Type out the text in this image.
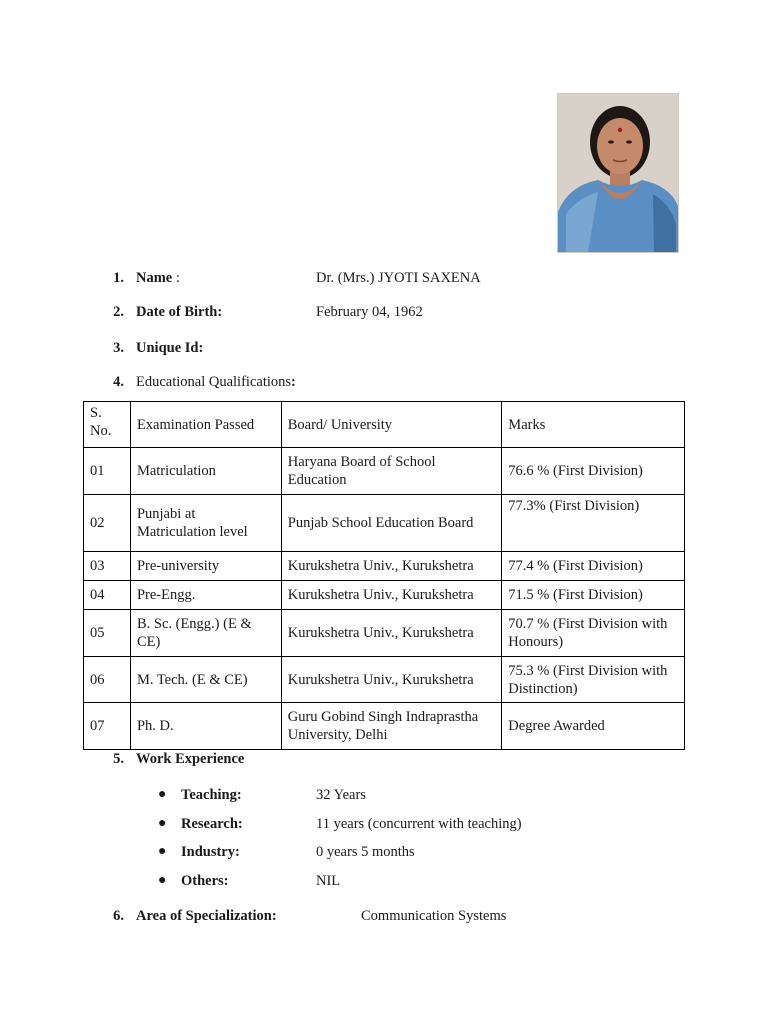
1. Name :	Dr. (Mrs.) JYOTI SAXENA
2. Date of Birth:	February 04, 1962
3. Unique Id:
4. Educational Qualifications:
S. No.	Examination Passed	Board/ University	Marks
01	Matriculation	Haryana Board of School Education	76.6 % (First Division)
02	Punjabi at Matriculation level	Punjab School Education Board	77.3% (First Division)
03	Pre-university	Kurukshetra Univ., Kurukshetra	77.4 % (First Division)
04	Pre-Engg.	Kurukshetra Univ., Kurukshetra	71.5 % (First Division)
05	B. Sc. (Engg.) (E & CE)	Kurukshetra Univ., Kurukshetra	70.7 % (First Division with Honours)
06	M. Tech. (E & CE)	Kurukshetra Univ., Kurukshetra	75.3 % (First Division with Distinction)
07	Ph. D.	Guru Gobind Singh Indraprastha University, Delhi	Degree Awarded
5. Work Experience
● Teaching:	32 Years
● Research:	11 years (concurrent with teaching)
● Industry:	0 years 5 months
● Others:	NIL
6. Area of Specialization:	Communication Systems
